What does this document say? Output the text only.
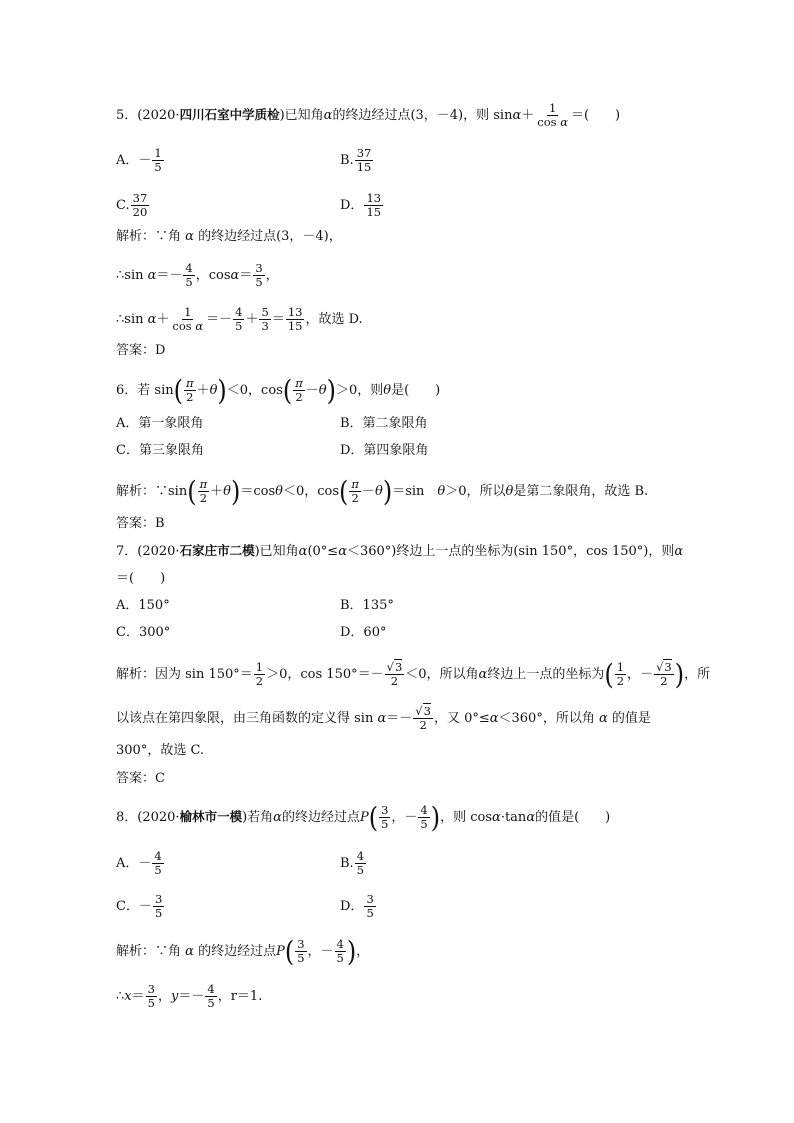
5．(2020·四川石室中学质检)已知角α的终边经过点(3，－4)，则 $\sin\alpha+ \frac{1}{\text{cos α}}$ ＝(　　)
A．－ $\frac{1}{5}$	B. $\frac{37}{15}$
C. $\frac{37}{20}$	D． $\frac{13}{15}$
解析：∵角 α 的终边经过点(3，－4)，
∴sin $\alpha=- \frac{4}{5}$ ，$\cos\alpha= \frac{3}{5}$ ，
∴sin $\alpha+ \frac{1}{\text{cos α}} =- \frac{4}{5} + \frac{5}{3} = \frac{13}{15}$ ，故选 D.
答案：D
6．若 $\sin( \frac{\pi}{2} +\theta)<0$，$\cos( \frac{\pi}{2} -\theta)>0$，则θ是(　　)
A．第一象限角	B．第二象限角
C．第三象限角	D．第四象限角
解析：∵sin( $\frac{\pi}{2} +\theta)=\cos\theta<0$，$\cos( \frac{\pi}{2} -\theta)=\sin$　θ＞0，所以θ是第二象限角，故选 B.
答案：B
7．(2020·石家庄市二模)已知角α(0°≤α＜360°)终边上一点的坐标为(sin 150°，cos 150°)，则α
＝(　　)
A．150°	B．135°
C．300°	D．60°
解析：因为 $\sin 150^\circ= \frac{1}{2} >0$，$\cos 150^\circ=- \frac{√3}{2} <0$，所以角α终边上一点的坐标为( $\frac{1}{2}$ ，－ $\frac{√3}{2}$ )，所
以该点在第四象限，由三角函数的定义得 $\sin \alpha=- \frac{√3}{2}$ ，又 0°≤α＜360°，所以角 α 的值是
300°，故选 C.
答案：C
8．(2020·榆林市一模)若角α的终边经过点$P( \frac{3}{5}$ ，－ $\frac{4}{5}$ )，则 cosα·tanα的值是(　　)
A．－ $\frac{4}{5}$	B. $\frac{4}{5}$
C．－ $\frac{3}{5}$	D． $\frac{3}{5}$
解析：∵角 α 的终边经过点$P( \frac{3}{5}$ ，－ $\frac{4}{5}$ )，
∴x＝ $\frac{3}{5}$ ，$y=- \frac{4}{5}$ ，r＝1.
